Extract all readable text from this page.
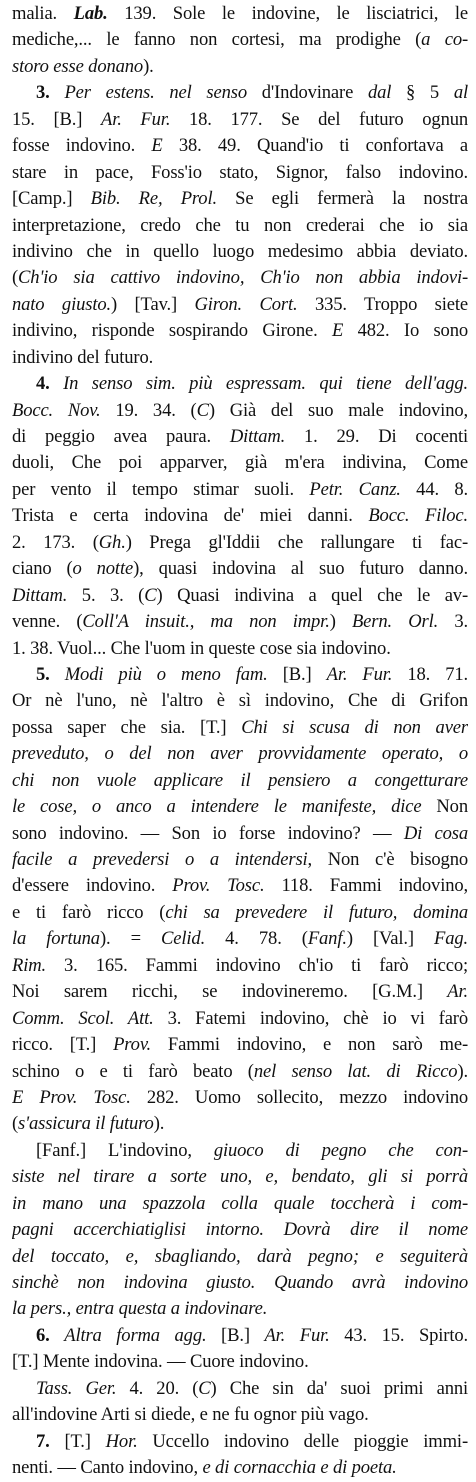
malia. Lab. 139. Sole le indovine, le lisciatrici, le
mediche,... le fanno non cortesi, ma prodighe (a co-
storo esse donano).
3. Per estens. nel senso d'Indovinare dal § 5 al
15. [B.] Ar. Fur. 18. 177. Se del futuro ognun
fosse indovino. E 38. 49. Quand'io ti confortava a
stare in pace, Foss'io stato, Signor, falso indovino.
[Camp.] Bib. Re, Prol. Se egli fermerà la nostra
interpretazione, credo che tu non crederai che io sia
indivino che in quello luogo medesimo abbia deviato.
(Ch'io sia cattivo indovino, Ch'io non abbia indovi-
nato giusto.) [Tav.] Giron. Cort. 335. Troppo siete
indivino, risponde sospirando Girone. E 482. Io sono
indivino del futuro.
4. In senso sim. più espressam. qui tiene dell'agg.
Bocc. Nov. 19. 34. (C) Già del suo male indovino,
di peggio avea paura. Dittam. 1. 29. Di cocenti
duoli, Che poi apparver, già m'era indivina, Come
per vento il tempo stimar suoli. Petr. Canz. 44. 8.
Trista e certa indovina de' miei danni. Bocc. Filoc.
2. 173. (Gh.) Prega gl'Iddii che rallungare ti fac-
ciano (o notte), quasi indovina al suo futuro danno.
Dittam. 5. 3. (C) Quasi indivina a quel che le av-
venne. (Coll'A insuit., ma non impr.) Bern. Orl. 3.
1. 38. Vuol... Che l'uom in queste cose sia indovino.
5. Modi più o meno fam. [B.] Ar. Fur. 18. 71.
Or nè l'uno, nè l'altro è sì indovino, Che di Grifon
possa saper che sia. [T.] Chi si scusa di non aver
preveduto, o del non aver provvidamente operato, o
chi non vuole applicare il pensiero a congetturare
le cose, o anco a intendere le manifeste, dice Non
sono indovino. — Son io forse indovino? — Di cosa
facile a prevedersi o a intendersi, Non c'è bisogno
d'essere indovino. Prov. Tosc. 118. Fammi indovino,
e ti farò ricco (chi sa prevedere il futuro, domina
la fortuna). = Celid. 4. 78. (Fanf.) [Val.] Fag.
Rim. 3. 165. Fammi indovino ch'io ti farò ricco;
Noi sarem ricchi, se indovineremo. [G.M.] Ar.
Comm. Scol. Att. 3. Fatemi indovino, chè io vi farò
ricco. [T.] Prov. Fammi indovino, e non sarò me-
schino o e ti farò beato (nel senso lat. di Ricco).
E Prov. Tosc. 282. Uomo sollecito, mezzo indovino
(s'assicura il futuro).
[Fanf.] L'indovino, giuoco di pegno che con-
siste nel tirare a sorte uno, e, bendato, gli si porrà
in mano una spazzola colla quale toccherà i com-
pagni accerchiatiglisi intorno. Dovrà dire il nome
del toccato, e, sbagliando, darà pegno; e seguiterà
sinchè non indovina giusto. Quando avrà indovino
la pers., entra questa a indovinare.
6. Altra forma agg. [B.] Ar. Fur. 43. 15. Spirto.
[T.] Mente indovina. — Cuore indovino.
Tass. Ger. 4. 20. (C) Che sin da' suoi primi anni
all'indovine Arti si diede, e ne fu ognor più vago.
7. [T.] Hor. Uccello indovino delle pioggie immi-
nenti. — Canto indovino, e di cornacchia e di poeta.
